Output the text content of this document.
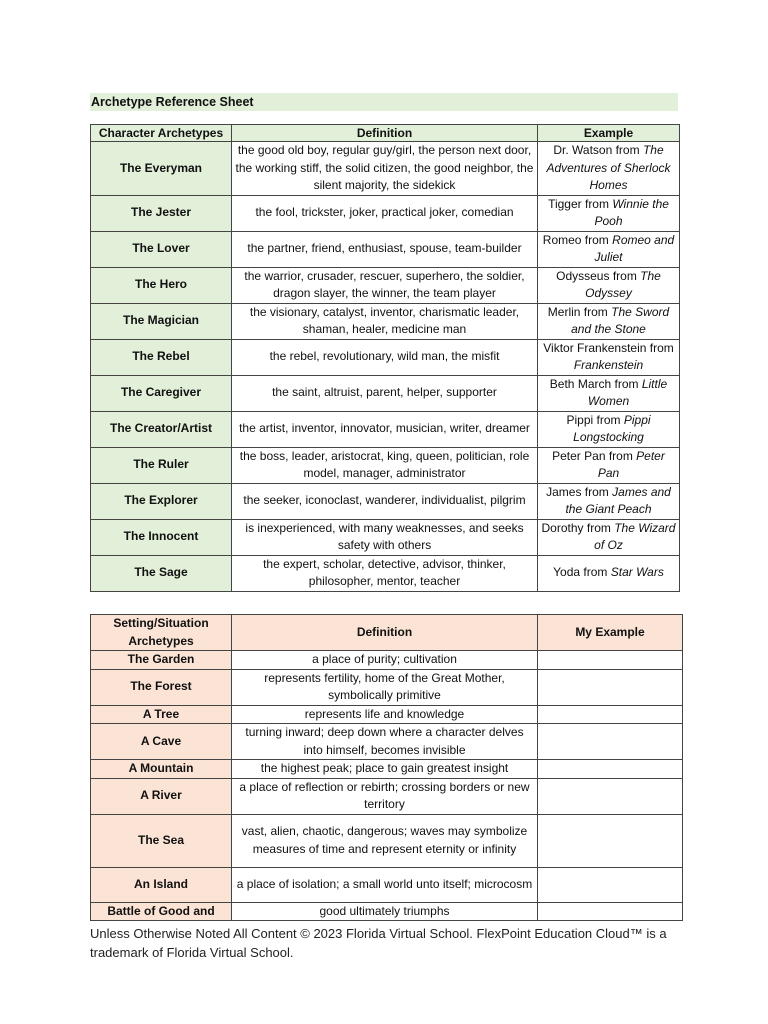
Archetype Reference Sheet
Character Archetypes	Definition	Example
The Everyman	the good old boy, regular guy/girl, the person next door, the working stiff, the solid citizen, the good neighbor, the silent majority, the sidekick	Dr. Watson from The Adventures of Sherlock Homes
The Jester	the fool, trickster, joker, practical joker, comedian	Tigger from Winnie the Pooh
The Lover	the partner, friend, enthusiast, spouse, team-builder	Romeo from Romeo and Juliet
The Hero	the warrior, crusader, rescuer, superhero, the soldier, dragon slayer, the winner, the team player	Odysseus from The Odyssey
The Magician	the visionary, catalyst, inventor, charismatic leader, shaman, healer, medicine man	Merlin from The Sword and the Stone
The Rebel	the rebel, revolutionary, wild man, the misfit	Viktor Frankenstein from Frankenstein
The Caregiver	the saint, altruist, parent, helper, supporter	Beth March from Little Women
The Creator/Artist	the artist, inventor, innovator, musician, writer, dreamer	Pippi from Pippi Longstocking
The Ruler	the boss, leader, aristocrat, king, queen, politician, role model, manager, administrator	Peter Pan from Peter Pan
The Explorer	the seeker, iconoclast, wanderer, individualist, pilgrim	James from James and the Giant Peach
The Innocent	is inexperienced, with many weaknesses, and seeks safety with others	Dorothy from The Wizard of Oz
The Sage	the expert, scholar, detective, advisor, thinker, philosopher, mentor, teacher	Yoda from Star Wars
Setting/Situation Archetypes	Definition	My Example
The Garden	a place of purity; cultivation	
The Forest	represents fertility, home of the Great Mother, symbolically primitive	
A Tree	represents life and knowledge	
A Cave	turning inward; deep down where a character delves into himself, becomes invisible	
A Mountain	the highest peak; place to gain greatest insight	
A River	a place of reflection or rebirth; crossing borders or new territory	
The Sea	vast, alien, chaotic, dangerous; waves may symbolize measures of time and represent eternity or infinity	
An Island	a place of isolation; a small world unto itself; microcosm	
Battle of Good and	good ultimately triumphs	
Unless Otherwise Noted All Content © 2023 Florida Virtual School. FlexPoint Education Cloud™ is a trademark of Florida Virtual School.
